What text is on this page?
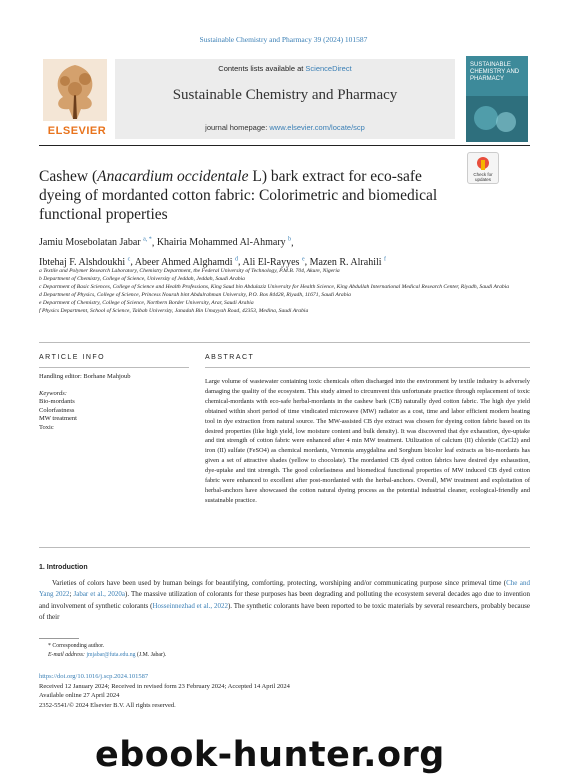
Sustainable Chemistry and Pharmacy 39 (2024) 101587
ELSEVIER
Contents lists available at ScienceDirect
Sustainable Chemistry and Pharmacy
journal homepage: www.elsevier.com/locate/scp
SUSTAINABLE CHEMISTRY AND PHARMACY
Cashew (Anacardium occidentale L) bark extract for eco-safe dyeing of mordanted cotton fabric: Colorimetric and biomedical functional properties
Check for updates
Jamiu Mosebolatan Jabar $^{a, *}$, Khairia Mohammed Al-Ahmary $^b$,
Ibtehaj F. Alshdoukhi $^c$, Abeer Ahmed Alghamdi $^d$, Ali El-Rayyes $^e$, Mazen R. Alrahili $^f$
a Textile and Polymer Research Laboratory, Chemistry Department, the Federal University of Technology, P.M.B. 704, Akure, Nigeria
b Department of Chemistry, College of Science, University of Jeddah, Jeddah, Saudi Arabia
c Department of Basic Sciences, College of Science and Health Professions, King Saud bin Abdulaziz University for Health Science, King Abdullah International Medical Research Center, Riyadh, Saudi Arabia
d Department of Physics, College of Science, Princess Nourah bint Abdulrahman University, P.O. Box 84428, Riyadh, 11671, Saudi Arabia
e Department of Chemistry, College of Science, Northern Border University, Arar, Saudi Arabia
f Physics Department, School of Science, Taibah University, Janadah Bin Umayyah Road, 42353, Medina, Saudi Arabia
ARTICLE INFO	ABSTRACT
Handling editor: Borhane Mahjoub
Keywords:
Bio-mordants
Colorfastness
MW treatment
Toxic
Large volume of wastewater containing toxic chemicals often discharged into the environment by textile industry is adversely damaging the quality of the ecosystem. This study aimed to circumvent this unfortunate practice through replacement of toxic chemical-mordants with eco-safe herbal-mordants in the cashew bark (CB) naturally dyed cotton fabric. The high dye yield obtained within short period of time vindicated microwave (MW) radiator as a cost, time and labor efficient modern heating tool in dye extraction from natural source. The MW-assisted CB dye extract was chosen for dyeing cotton fabric based on its desired properties (like high yield, low moisture content and bulk density). It was discovered that dye exhaustion, dye-uptake and tint strength of cotton fabric were enhanced after 4 min MW treatment. Utilization of calcium (II) chloride (CaCl2) and iron (II) sulfate (FeSO4) as chemical mordants, Vernonia amygdalina and Sorghum bicolor leaf extracts as bio-mordants has given a set of attractive shades (yellow to chocolate). The mordanted CB dyed cotton fabrics have desired dye exhaustion, dye-uptake and tint strength. The good colorfastness and biomedical functional properties of MW induced CB dyed cotton fabric were enhanced to excellent after post-mordanted with the herbal-anchors. Overall, MW treatment and exploitation of herbal-anchors have showcased the cotton natural dyeing process as the potential industrial cleaner, ecological-friendly and sustainable practice.
1. Introduction
Varieties of colors have been used by human beings for beautifying, comforting, protecting, worshiping and/or communicating purpose since primeval time (Che and Yang 2022; Jabar et al., 2020a). The massive utilization of colorants for these purposes has been degrading and polluting the ecosystem several decades ago due to invention and involvement of synthetic colorants (Hosseinnezhad et al., 2022). The synthetic colorants have been reported to be toxic materials by several researchers, probably because of their
* Corresponding author.
E-mail address: jmjabar@futa.edu.ng (J.M. Jabar).
https://doi.org/10.1016/j.scp.2024.101587
Received 12 January 2024; Received in revised form 23 February 2024; Accepted 14 April 2024
Available online 27 April 2024
2352-5541/© 2024 Elsevier B.V. All rights reserved.
ebook-hunter.org
